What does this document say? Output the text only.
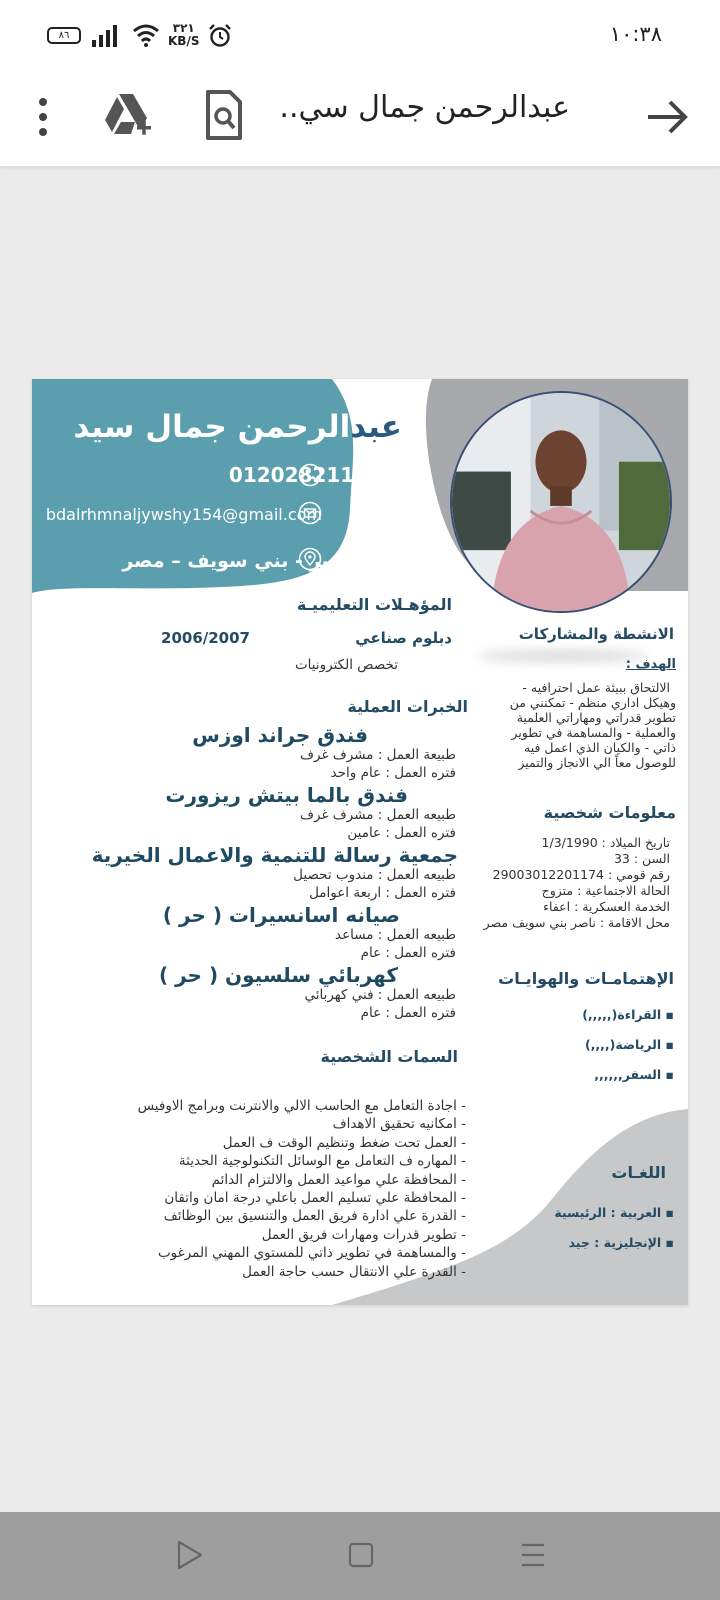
٨٦
٣٢١
KB/S	١٠:٣٨
عبدالرحمن جمال سي..
عبدالرحمن جمال سيد
01202821193
bdalrhmnaljywshy154@gmail.com
ناصر - بني سويف – مصر
المؤهـلات التعليميـة
دبلوم صناعي
2006/2007
تخصص الكترونيات
الخبرات العملية
فندق جراند اوزس
طبيعة العمل : مشرف غرف
فتره العمل : عام واحد
فندق بالما بيتش ريزورت
طبيعه العمل : مشرف غرف
فتره العمل : عامين
جمعية رسالة للتنمية والاعمال الخيرية
طبيعه العمل : مندوب تحصيل
فتره العمل : اربعة اعوامل
صيانه اسانسيرات ( حر )
طبيعه العمل : مساعد
فتره العمل : عام
كهربائي سلسيون ( حر )
طبيعه العمل : فني كهربائي
فتره العمل : عام
السمات الشخصية
- اجادة التعامل مع الحاسب الالي والانترنت وبرامج الاوفيس
- امكانيه تحقيق الاهداف
- العمل تحت ضغط وتنظيم الوقت ف العمل
- المهاره ف التعامل مع الوسائل التكنولوجية الحديثة
- المحافظة علي مواعيد العمل والالتزام الدائم
- المحافظة علي تسليم العمل باعلي درجة امان واتقان
- القدرة علي ادارة فريق العمل والتنسيق بين الوظائف
- تطوير قدرات ومهارات فريق العمل
- والمساهمة في تطوير ذاتي للمستوي المهني المرغوب
- القدرة علي الانتقال حسب حاجة العمل
الانشطة والمشاركات
الهدف :
الالتحاق ببيئة عمل احترافيه -
وهيكل اداري منظم - تمكنني من
تطوير قدراتي ومهاراتي العلمية
والعملية - والمساهمة في تطوير
ذاتي - والكيان الذي اعمل فيه
للوصول معاً الي الانجاز والتميز
معلومات شخصية
تاريخ الميلاد : 1/3/1990
السن : 33
رقم قومي : 29003012201174
الحالة الاجتماعية : متزوج
الخدمة العسكرية : اعفاء
محل الاقامة : ناصر بني سويف مصر
الإهتمامـات والهوايـات
▪ القراءة(,,,,,)
▪ الرياضة(,,,,)
▪ السفر,,,,,,
اللغـات
▪ العربية : الرئيسية
▪ الإنجليزية : جيد
